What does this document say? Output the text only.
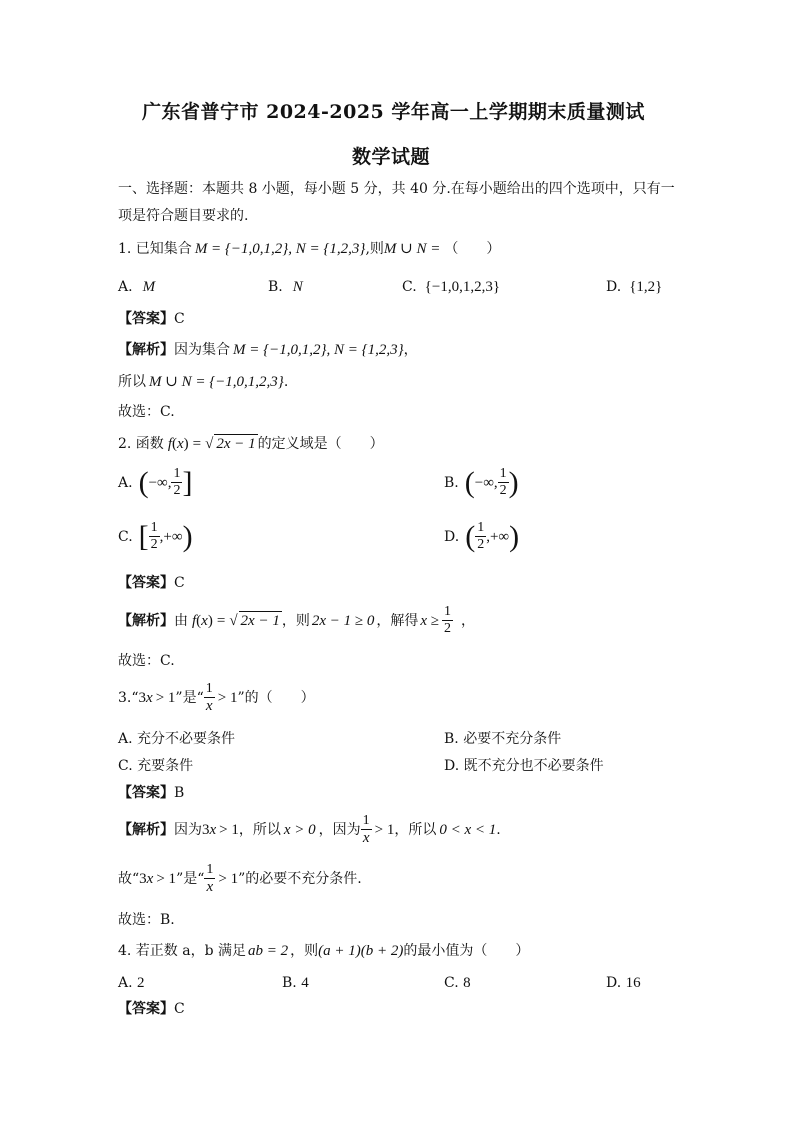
广东省普宁市 2024-2025 学年高一上学期期末质量测试
数学试题
一、选择题：本题共 8 小题，每小题 5 分，共 40 分.在每小题给出的四个选项中，只有一
项是符合题目要求的.
1. 已知集合 M = {−1,0,1,2}, N = {1,2,3} ,则 M ∪ N = （　　）
A. M	B. N	C. {−1,0,1,2,3}	D. {1,2}
【答案】C
【解析】 因为集合 M = {−1,0,1,2}, N = {1,2,3} ，
所以 M ∪ N = {−1,0,1,2,3} .
故选：C.
2. 函数 f ( x ) = √ 2x − 1 的定义域是（　　）
A. ( −∞, $\frac{1}{2}$ ]	B. ( −∞, $\frac{1}{2}$ )
C. [ $\frac{1}{2}$ ,+∞ )	D. ( $\frac{1}{2}$ ,+∞ )
【答案】C
【解析】 由 f ( x ) = √ 2x − 1 ，则 2x − 1 ≥ 0 ，解得 $x \ge \frac{1}{2}$ ，
故选：C.
3. “ 3 x > 1 ”是“ $\frac{1}{x} > 1$ ”的（　　）
A. 充分不必要条件	B. 必要不充分条件
C. 充要条件	D. 既不充分也不必要条件
【答案】B
【解析】 因为 3 x > 1 ，所以 x > 0 ，因为 $\frac{1}{x} > 1$ ，所以 0 < x < 1 .
故“ 3 x > 1 ”是“ $\frac{1}{x} > 1$ ”的必要不充分条件.
故选：B.
4. 若正数 a，b 满足 ab = 2 ，则 (a + 1)(b + 2) 的最小值为（　　）
A. 2	B. 4	C. 8	D. 16
【答案】C
